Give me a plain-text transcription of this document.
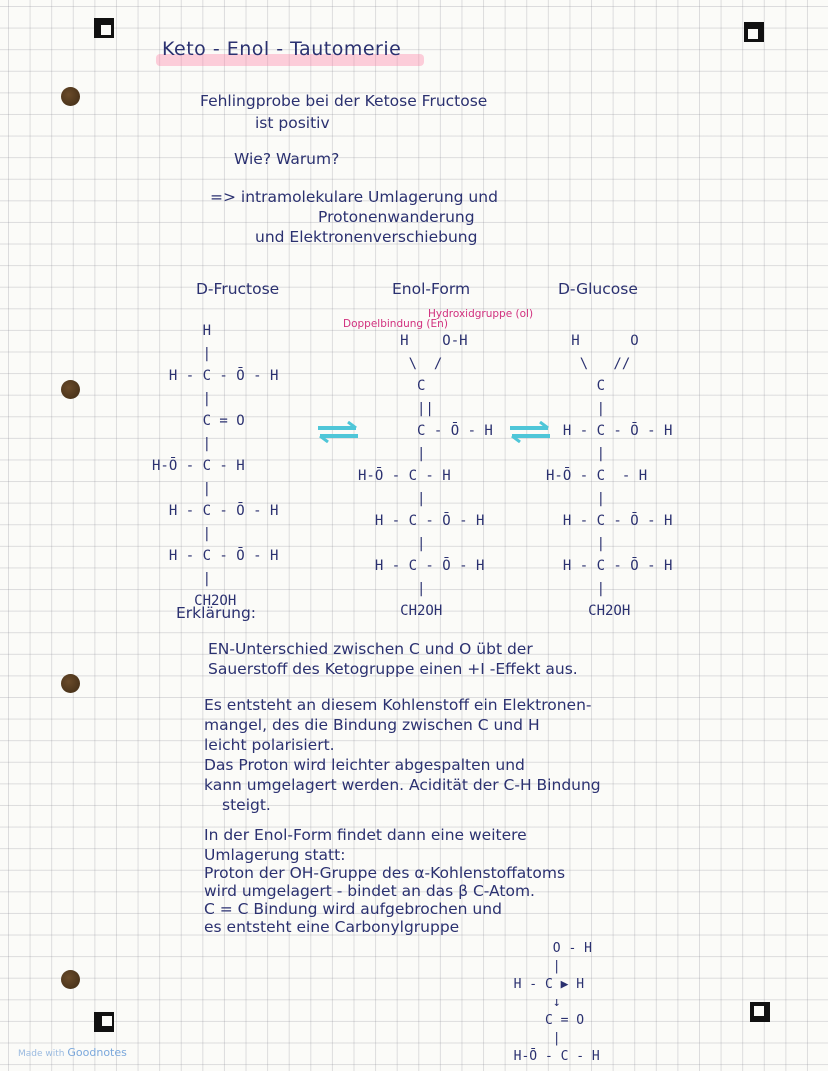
Keto - Enol - Tautomerie
Fehlingprobe bei der Ketose Fructose
ist positiv
Wie? Warum?
=> intramolekulare Umlagerung und
Protonenwanderung
und Elektronenverschiebung
D-Fructose	Enol-Form	D-Glucose
Doppelbindung (En)
Hydroxidgruppe (ol)
H
|
H - C - Ō - H
|
C = O
|
H-Ō - C - H
|
H - C - Ō - H
|
H - C - Ō - H
|
CH2OH
H    O-H
\  /
C
||
C - Ō - H
|
H-Ō - C - H
|
H - C - Ō - H
|
H - C - Ō - H
|
CH2OH
H      O
\   //
C
|
H - C - Ō - H
|
H-Ō - C  - H
|
H - C - Ō - H
|
H - C - Ō - H
|
CH2OH
Erklärung:
EN-Unterschied zwischen C und O übt der
Sauerstoff des Ketogruppe einen +I -Effekt aus.
Es entsteht an diesem Kohlenstoff ein Elektronen-
mangel, des die Bindung zwischen C und H
leicht polarisiert.
Das Proton wird leichter abgespalten und
kann umgelagert werden. Acidität der C-H Bindung
steigt.
In der Enol-Form findet dann eine weitere
Umlagerung statt:
Proton der OH-Gruppe des α-Kohlenstoffatoms
wird umgelagert - bindet an das β C-Atom.
C = C Bindung wird aufgebrochen und
es entsteht eine Carbonylgruppe
O - H
|
H - C ▶ H
↓
C = O
|
H-Ō - C - H
Made with Goodnotes
